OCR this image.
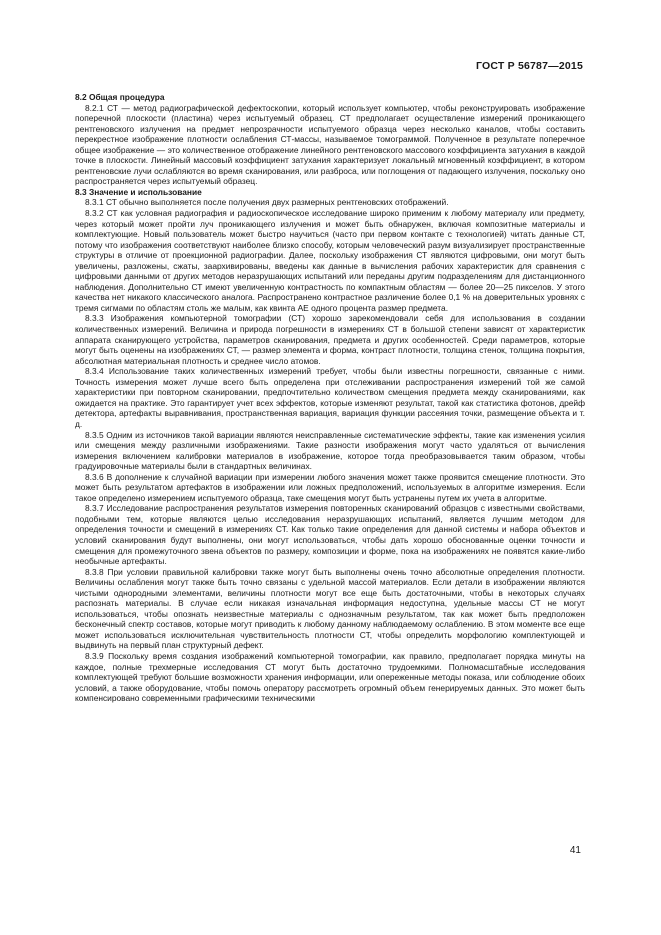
ГОСТ Р 56787—2015

8.2 Общая процедура

8.2.1 СТ — метод радиографической дефектоскопии, который использует компьютер, чтобы реконструировать изображение поперечной плоскости (пластина) через испытуемый образец. СТ предполагает осуществление измерений проникающего рентгеновского излучения на предмет непрозрачности испытуемого образца через несколько каналов, чтобы составить перекрестное изображение плотности ослабления СТ-массы, называемое томограммой. Полученное в результате поперечное общее изображение — это количественное отображение линейного рентгеновского массового коэффициента затухания в каждой точке в плоскости. Линейный массовый коэффициент затухания характеризует локальный мгновенный коэффициент, в котором рентгеновские лучи ослабляются во время сканирования, или разброса, или поглощения от падающего излучения, поскольку оно распространяется через испытуемый образец.

8.3 Значение и использование

8.3.1 СТ обычно выполняется после получения двух размерных рентгеновских отображений.

8.3.2 СТ как условная радиография и радиоскопическое исследование широко применим к любому материалу или предмету, через который может пройти луч проникающего излучения и может быть обнаружен, включая композитные материалы и комплектующие. Новый пользователь может быстро научиться (часто при первом контакте с технологией) читать данные СТ, потому что изображения соответствуют наиболее близко способу, которым человеческий разум визуализирует пространственные структуры в отличие от проекционной радиографии. Далее, поскольку изображения СТ являются цифровыми, они могут быть увеличены, разложены, сжаты, заархивированы, введены как данные в вычисления рабочих характеристик для сравнения с цифровыми данными от других методов неразрушающих испытаний или переданы другим подразделениям для дистанционного наблюдения. Дополнительно СТ имеют увеличенную контрастность по компактным областям — более 20—25 пикселов. У этого качества нет никакого классического аналога. Распространено контрастное различение более 0,1 % на доверительных уровнях с тремя сигмами по областям столь же малым, как квинта АЕ одного процента размер предмета.

8.3.3 Изображения компьютерной томографии (СТ) хорошо зарекомендовали себя для использования в создании количественных измерений. Величина и природа погрешности в измерениях СТ в большой степени зависят от характеристик аппарата сканирующего устройства, параметров сканирования, предмета и других особенностей. Среди параметров, которые могут быть оценены на изображениях СТ, — размер элемента и форма, контраст плотности, толщина стенок, толщина покрытия, абсолютная материальная плотность и среднее число атомов.

8.3.4 Использование таких количественных измерений требует, чтобы были известны погрешности, связанные с ними. Точность измерения может лучше всего быть определена при отслеживании распространения измерений той же самой характеристики при повторном сканировании, предпочтительно количеством смещения предмета между сканированиями, как ожидается на практике. Это гарантирует учет всех эффектов, которые изменяют результат, такой как статистика фотонов, дрейф детектора, артефакты выравнивания, пространственная вариация, вариация функции рассеяния точки, размещение объекта и т. д.

8.3.5 Одним из источников такой вариации являются неисправленные систематические эффекты, такие как изменения усилия или смещения между различными изображениями. Такие разности изображения могут часто удаляться от вычисления измерения включением калибровки материалов в изображение, которое тогда преобразовывается таким образом, чтобы градуировочные материалы были в стандартных величинах.

8.3.6 В дополнение к случайной вариации при измерении любого значения может также проявится смещение плотности. Это может быть результатом артефактов в изображении или ложных предположений, используемых в алгоритме измерения. Если такое определено измерением испытуемого образца, таке смещения могут быть устранены путем их учета в алгоритме.

8.3.7 Исследование распространения результатов измерения повторенных сканирований образцов с известными свойствами, подобными тем, которые являются целью исследования неразрушающих испытаний, является лучшим методом для определения точности и смещений в измерениях СТ. Как только такие определения для данной системы и набора объектов и условий сканирования будут выполнены, они могут использоваться, чтобы дать хорошо обоснованные оценки точности и смещения для промежуточного звена объектов по размеру, композиции и форме, пока на изображениях не появятся какие-либо необычные артефакты.

8.3.8 При условии правильной калибровки также могут быть выполнены очень точно абсолютные определения плотности. Величины ослабления могут также быть точно связаны с удельной массой материалов. Если детали в изображении являются чистыми однородными элементами, величины плотности могут все еще быть достаточными, чтобы в некоторых случаях распознать материалы. В случае если никакая изначальная информация недоступна, удельные массы СТ не могут использоваться, чтобы опознать неизвестные материалы с однозначным результатом, так как может быть предположен бесконечный спектр составов, которые могут приводить к любому данному наблюдаемому ослаблению. В этом моменте все еще может использоваться исключительная чувствительность плотности СТ, чтобы определить морфологию комплектующей и выдвинуть на первый план структурный дефект.

8.3.9 Поскольку время создания изображений компьютерной томографии, как правило, предполагает порядка минуты на каждое, полные трехмерные исследования СТ могут быть достаточно трудоемкими. Полномасштабные исследования комплектующей требуют большие возможности хранения информации, или опереженные методы показа, или соблюдение обоих условий, а также оборудование, чтобы помочь оператору рассмотреть огромный объем генерируемых данных. Это может быть компенсировано современными графическими техническими

41
